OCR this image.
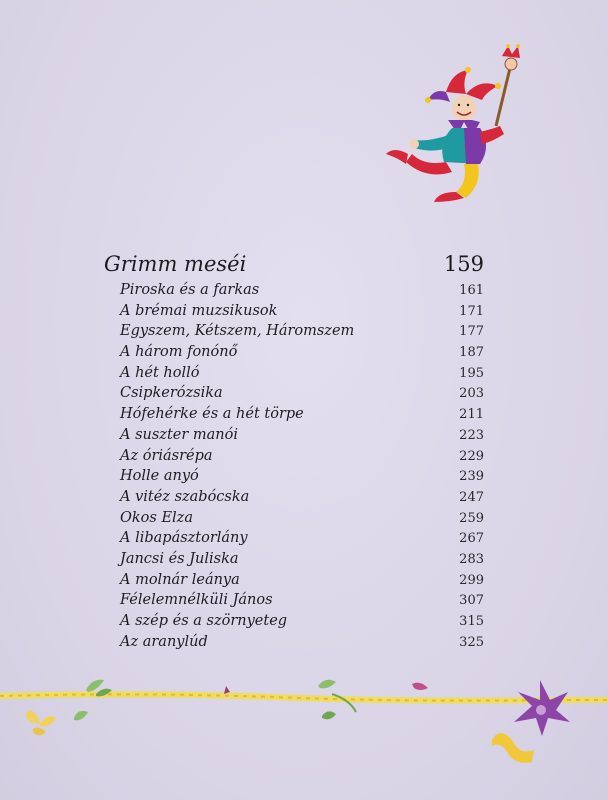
Grimm meséi	159
Piroska és a farkas	161
A brémai muzsikusok	171
Egyszem, Kétszem, Háromszem	177
A három fonónő	187
A hét holló	195
Csipkerózsika	203
Hófehérke és a hét törpe	211
A suszter manói	223
Az óriásrépa	229
Holle anyó	239
A vitéz szabócska	247
Okos Elza	259
A libapásztorlány	267
Jancsi és Juliska	283
A molnár leánya	299
Félelemnélküli János	307
A szép és a szörnyeteg	315
Az aranylúd	325
